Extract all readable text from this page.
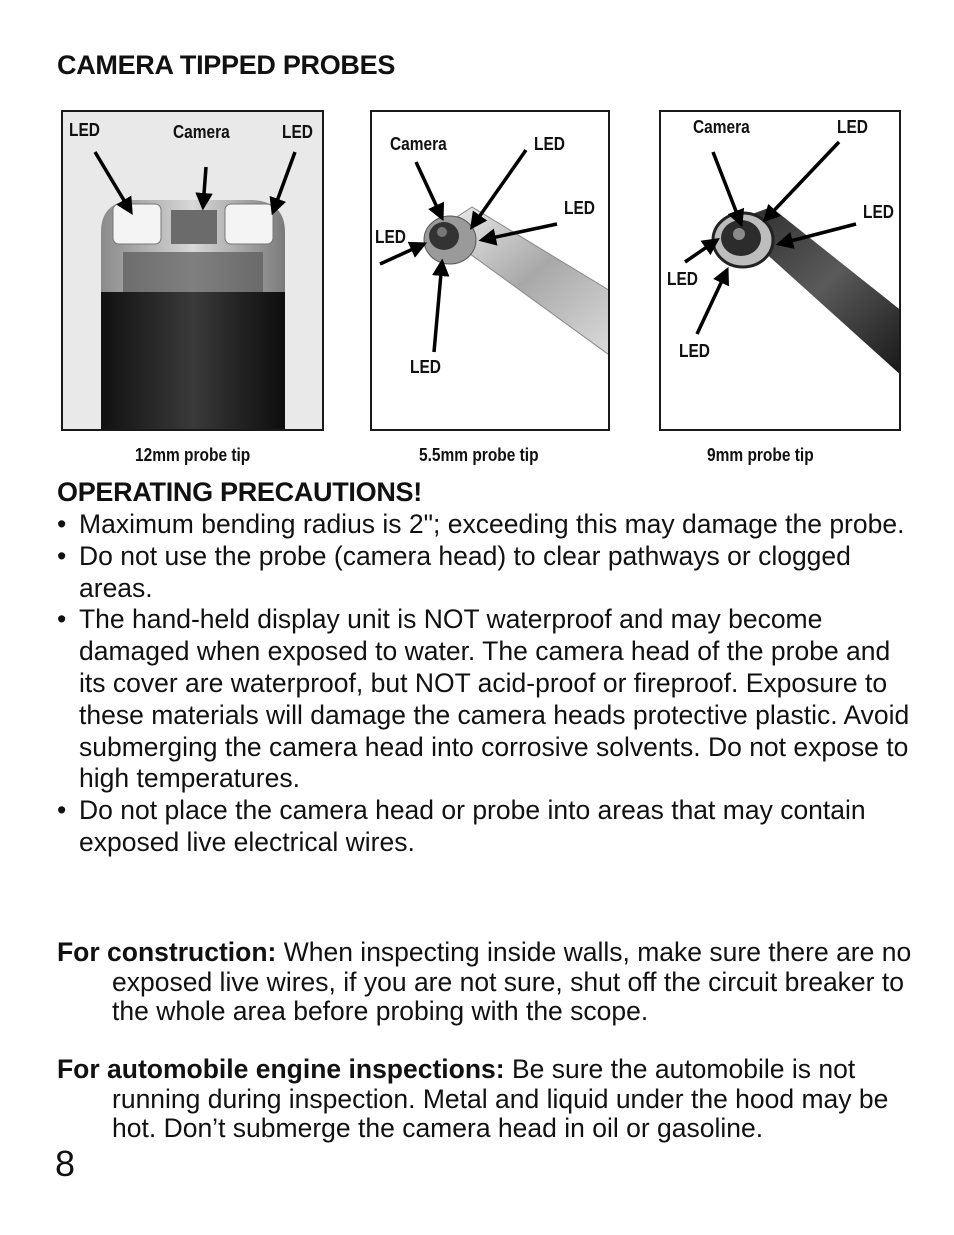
CAMERA TIPPED PROBES
LED	Camera	LED
Camera	LED
LED
LED
LED
Camera	LED
LED
LED
LED
12mm probe tip	5.5mm probe tip	9mm probe tip
OPERATING PRECAUTIONS!
• Maximum bending radius is 2"; exceeding this may damage the probe.
• Do not use the probe (camera head) to clear pathways or clogged areas.
• The hand-held display unit is NOT waterproof and may become damaged when exposed to water. The camera head of the probe and its cover are waterproof, but NOT acid-proof or fireproof. Exposure to these materials will damage the camera heads protective plastic. Avoid submerging the camera head into corrosive solvents. Do not expose to high temperatures.
• Do not place the camera head or probe into areas that may contain exposed live electrical wires.
For construction: When inspecting inside walls, make sure there are no exposed live wires, if you are not sure, shut off the circuit breaker to the whole area before probing with the scope.
For automobile engine inspections: Be sure the automobile is not running during inspection. Metal and liquid under the hood may be hot. Don’t submerge the camera head in oil or gasoline.
8
